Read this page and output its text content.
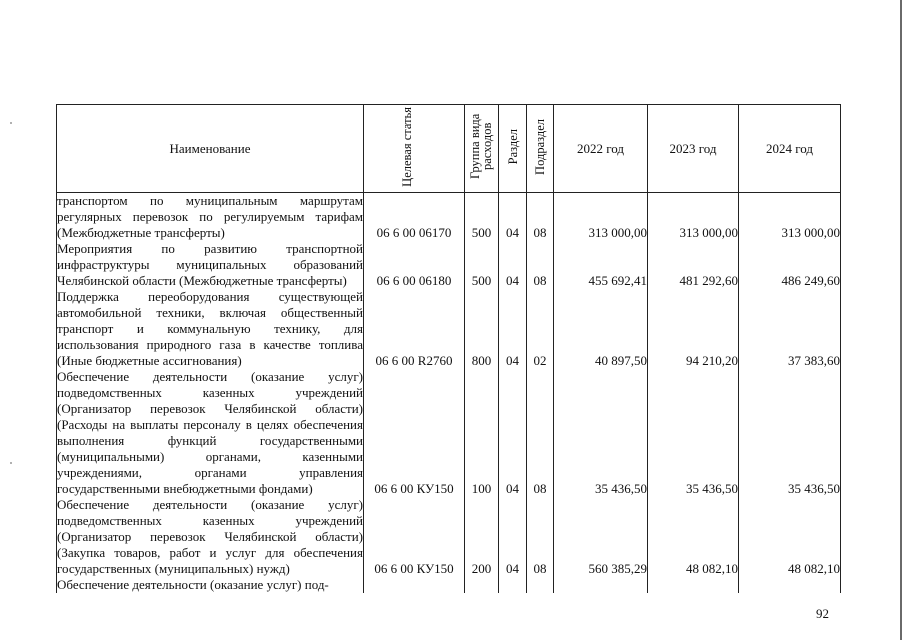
Наименование	Целевая статья	Группа вида расходов	Раздел	Подраздел	2022 год	2023 год	2024 год
транспортом по муниципальным маршрутам регулярных перевозок по регулируемым тарифам (Межбюджетные трансферты)	06 6 00 06170	500	04	08	313 000,00	313 000,00	313 000,00
Мероприятия по развитию транспортной инфраструктуры муниципальных образований Челябинской области (Межбюджетные трансферты)	06 6 00 06180	500	04	08	455 692,41	481 292,60	486 249,60
Поддержка переоборудования существующей автомобильной техники, включая общественный транспорт и коммунальную технику, для использования природного газа в качестве топлива (Иные бюджетные ассигнования)	06 6 00 R2760	800	04	02	40 897,50	94 210,20	37 383,60
Обеспечение деятельности (оказание услуг) подведомственных казенных учреждений (Организатор перевозок Челябинской области) (Расходы на выплаты персоналу в целях обеспечения выполнения функций государственными (муниципальными) органами, казенными учреждениями, органами управления государственными внебюджетными фондами)	06 6 00 КУ150	100	04	08	35 436,50	35 436,50	35 436,50
Обеспечение деятельности (оказание услуг) подведомственных казенных учреждений (Организатор перевозок Челябинской области) (Закупка товаров, работ и услуг для обеспечения государственных (муниципальных) нужд)	06 6 00 КУ150	200	04	08	560 385,29	48 082,10	48 082,10
Обеспечение деятельности (оказание услуг) под-							
92
